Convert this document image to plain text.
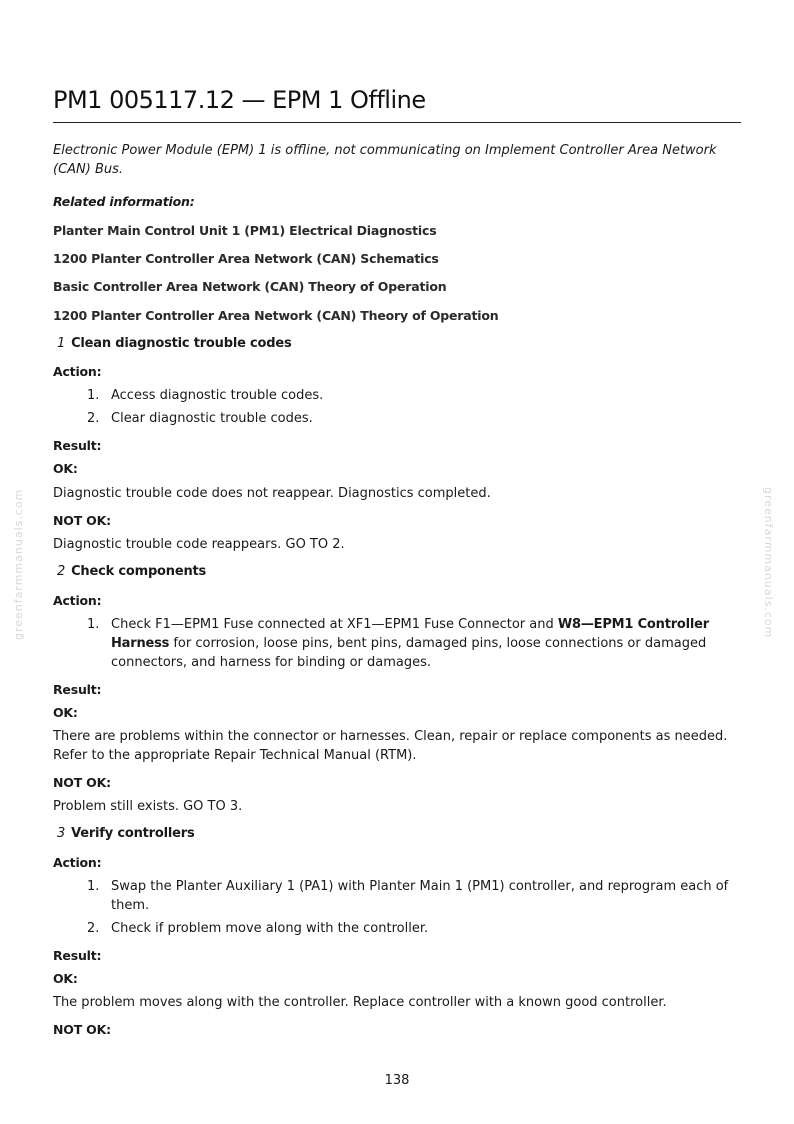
PM1 005117.12 — EPM 1 Offline
Electronic Power Module (EPM) 1 is offline, not communicating on Implement Controller Area Network (CAN) Bus.
Related information:
Planter Main Control Unit 1 (PM1) Electrical Diagnostics
1200 Planter Controller Area Network (CAN) Schematics
Basic Controller Area Network (CAN) Theory of Operation
1200 Planter Controller Area Network (CAN) Theory of Operation
1 Clean diagnostic trouble codes
Action:
1. Access diagnostic trouble codes.
2. Clear diagnostic trouble codes.
Result:
OK:
Diagnostic trouble code does not reappear. Diagnostics completed.
NOT OK:
Diagnostic trouble code reappears. GO TO 2.
2 Check components
Action:
1. Check F1—EPM1 Fuse connected at XF1—EPM1 Fuse Connector and W8—EPM1 Controller Harness for corrosion, loose pins, bent pins, damaged pins, loose connections or damaged connectors, and harness for binding or damages.
Result:
OK:
There are problems within the connector or harnesses. Clean, repair or replace components as needed. Refer to the appropriate Repair Technical Manual (RTM).
NOT OK:
Problem still exists. GO TO 3.
3 Verify controllers
Action:
1. Swap the Planter Auxiliary 1 (PA1) with Planter Main 1 (PM1) controller, and reprogram each of them.
2. Check if problem move along with the controller.
Result:
OK:
The problem moves along with the controller. Replace controller with a known good controller.
NOT OK:
greenfarmmanuals.com	greenfarmmanuals.com
138
